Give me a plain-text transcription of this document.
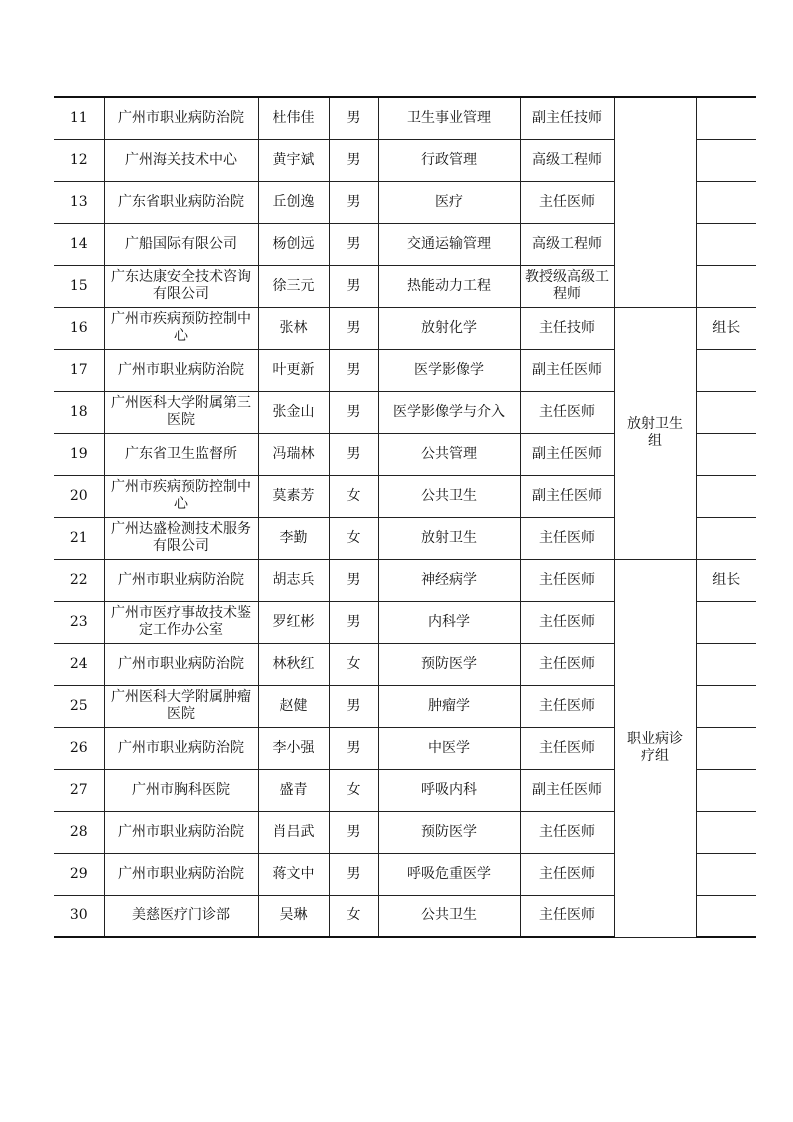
11	广州市职业病防治院	杜伟佳	男	卫生事业管理	副主任技师		
12	广州海关技术中心	黄宇斌	男	行政管理	高级工程师		
13	广东省职业病防治院	丘创逸	男	医疗	主任医师		
14	广船国际有限公司	杨创远	男	交通运输管理	高级工程师		
15	广东达康安全技术咨询有限公司	徐三元	男	热能动力工程	教授级高级工程师		
16	广州市疾病预防控制中心	张林	男	放射化学	主任技师	放射卫生组	组长
17	广州市职业病防治院	叶更新	男	医学影像学	副主任医师		
18	广州医科大学附属第三医院	张金山	男	医学影像学与介入	主任医师		
19	广东省卫生监督所	冯瑞林	男	公共管理	副主任医师		
20	广州市疾病预防控制中心	莫素芳	女	公共卫生	副主任医师		
21	广州达盛检测技术服务有限公司	李勤	女	放射卫生	主任医师		
22	广州市职业病防治院	胡志兵	男	神经病学	主任医师	职业病诊疗组	组长
23	广州市医疗事故技术鉴定工作办公室	罗红彬	男	内科学	主任医师		
24	广州市职业病防治院	林秋红	女	预防医学	主任医师		
25	广州医科大学附属肿瘤医院	赵健	男	肿瘤学	主任医师		
26	广州市职业病防治院	李小强	男	中医学	主任医师		
27	广州市胸科医院	盛青	女	呼吸内科	副主任医师		
28	广州市职业病防治院	肖吕武	男	预防医学	主任医师		
29	广州市职业病防治院	蒋文中	男	呼吸危重医学	主任医师		
30	美慈医疗门诊部	吴琳	女	公共卫生	主任医师		
